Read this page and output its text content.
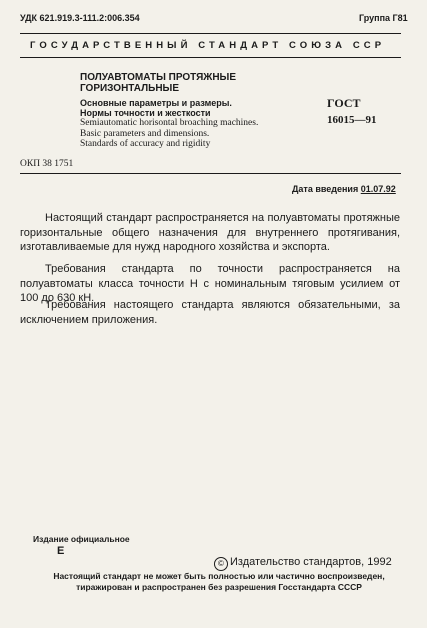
УДК 621.919.3-111.2:006.354	Группа Г81
ГОСУДАРСТВЕННЫЙ СТАНДАРТ СОЮЗА ССР
ПОЛУАВТОМАТЫ ПРОТЯЖНЫЕ
ГОРИЗОНТАЛЬНЫЕ
Основные параметры и размеры.
Нормы точности и жесткости
Semiautomatic horisontal broaching machines.
Basic parameters and dimensions.
Standards of accuracy and rigidity
ГОСТ
16015—91
ОКП 38 1751
Дата введения 01.07.92

Настоящий стандарт распространяется на полуавтоматы протяжные горизонтальные общего назначения для внутреннего протягивания, изготавливаемые для нужд народного хозяйства и экспорта.

Требования стандарта по точности распространяется на полуавтоматы класса точности Н с номинальным тяговым усилием от 100 до 630 кН.

Требования настоящего стандарта являются обязательными, за исключением приложения.

Издание официальное
Е
© Издательство стандартов, 1992
Настоящий стандарт не может быть полностью или частично воспроизведен,
тиражирован и распространен без разрешения Госстандарта СССР
